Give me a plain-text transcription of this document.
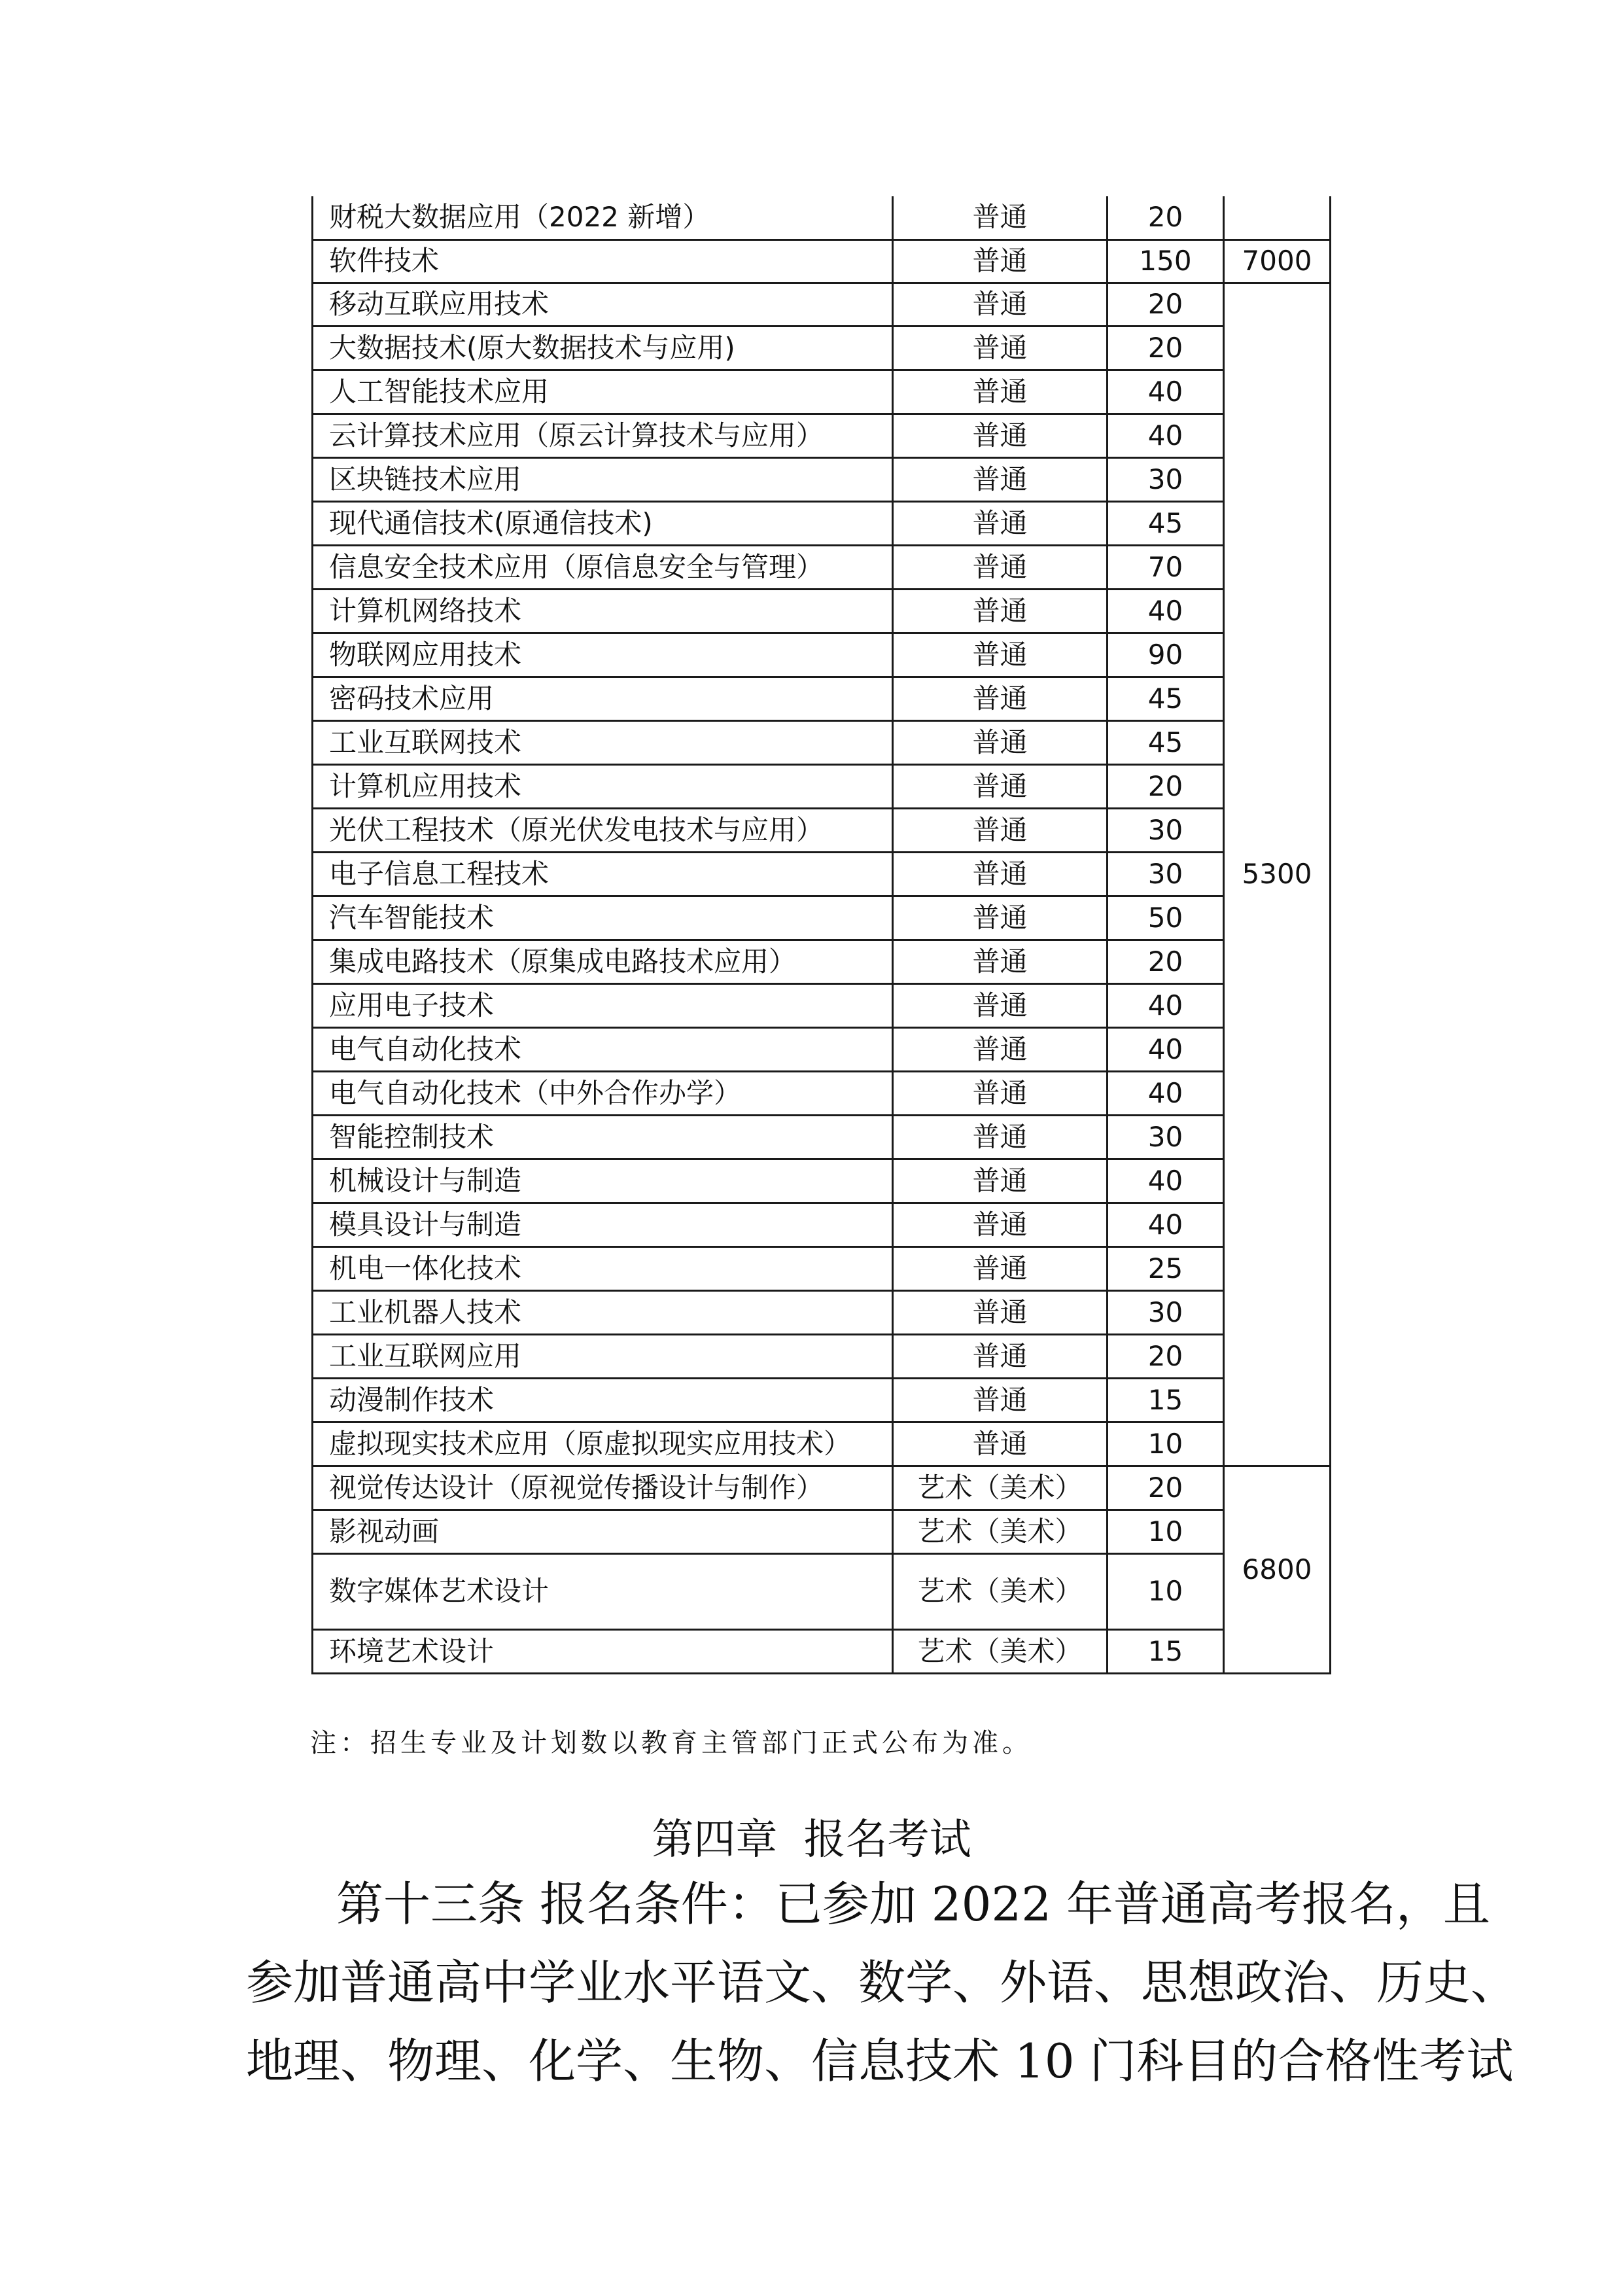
财税大数据应用（2022 新增）	普通	20	
软件技术	普通	150	7000
移动互联应用技术	普通	20	5300
大数据技术(原大数据技术与应用)	普通	20	
人工智能技术应用	普通	40	
云计算技术应用（原云计算技术与应用）	普通	40	
区块链技术应用	普通	30	
现代通信技术(原通信技术)	普通	45	
信息安全技术应用（原信息安全与管理）	普通	70	
计算机网络技术	普通	40	
物联网应用技术	普通	90	
密码技术应用	普通	45	
工业互联网技术	普通	45	
计算机应用技术	普通	20	
光伏工程技术（原光伏发电技术与应用）	普通	30	
电子信息工程技术	普通	30	
汽车智能技术	普通	50	
集成电路技术（原集成电路技术应用）	普通	20	
应用电子技术	普通	40	
电气自动化技术	普通	40	
电气自动化技术（中外合作办学）	普通	40	
智能控制技术	普通	30	
机械设计与制造	普通	40	
模具设计与制造	普通	40	
机电一体化技术	普通	25	
工业机器人技术	普通	30	
工业互联网应用	普通	20	
动漫制作技术	普通	15	
虚拟现实技术应用（原虚拟现实应用技术）	普通	10	
视觉传达设计（原视觉传播设计与制作）	艺术（美术）	20	6800
影视动画	艺术（美术）	10	
数字媒体艺术设计	艺术（美术）	10	
环境艺术设计	艺术（美术）	15	
注：招生专业及计划数以教育主管部门正式公布为准。
第四章 报名考试
第十三条 报名条件：已参加 2022 年普通高考报名，且
参加普通高中学业水平语文、数学、外语、思想政治、历史、
地理、物理、化学、生物、信息技术 10 门科目的合格性考试
